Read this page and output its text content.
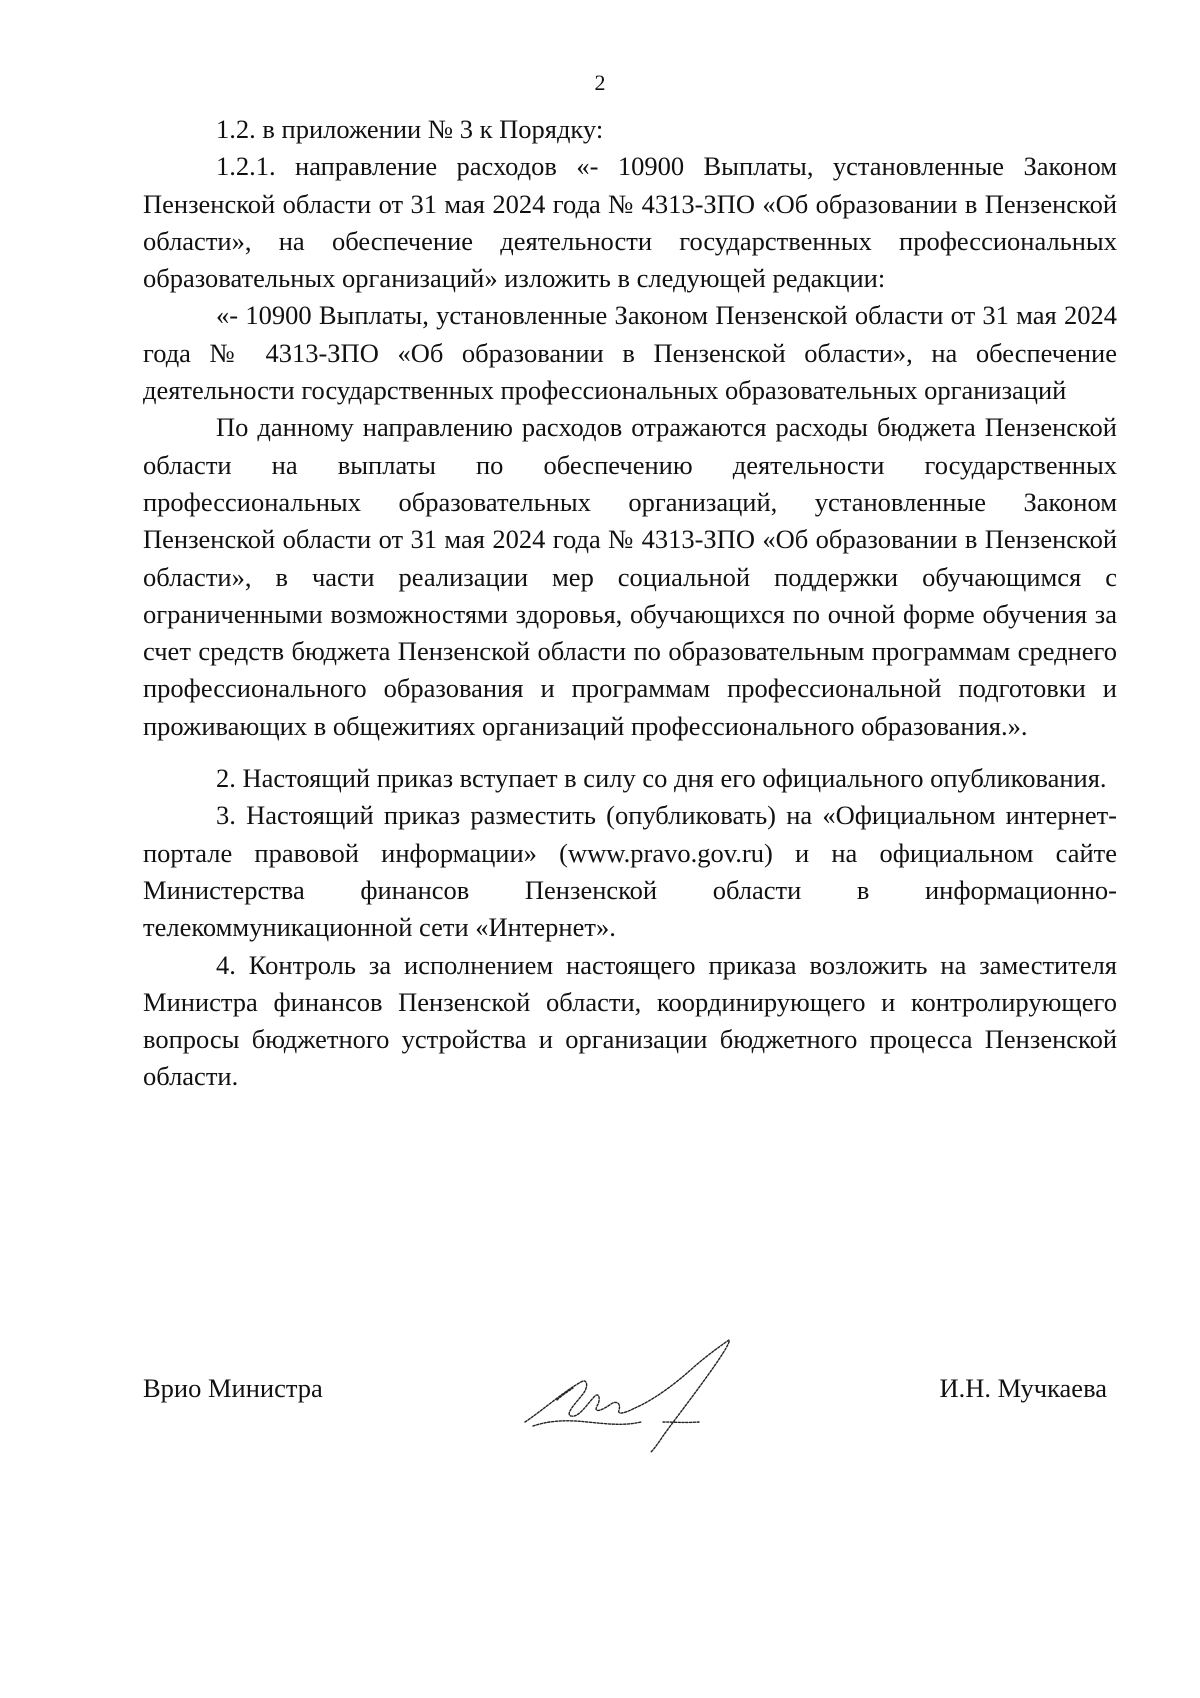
2

1.2. в приложении № 3 к Порядку:

1.2.1. направление расходов «- 10900 Выплаты, установленные Законом Пензенской области от 31 мая 2024 года № 4313-ЗПО «Об образовании в Пензенской области», на обеспечение деятельности государственных профессиональных образовательных организаций» изложить в следующей редакции:

«- 10900 Выплаты, установленные Законом Пензенской области от 31 мая 2024 года № 4313-ЗПО «Об образовании в Пензенской области», на обеспечение деятельности государственных профессиональных образовательных организаций

По данному направлению расходов отражаются расходы бюджета Пензенской области на выплаты по обеспечению деятельности государственных профессиональных образовательных организаций, установленные Законом Пензенской области от 31 мая 2024 года № 4313-ЗПО «Об образовании в Пензенской области», в части реализации мер социальной поддержки обучающимся с ограниченными возможностями здоровья, обучающихся по очной форме обучения за счет средств бюджета Пензенской области по образовательным программам среднего профессионального образования и программам профессиональной подготовки и проживающих в общежитиях организаций профессионального образования.».

2. Настоящий приказ вступает в силу со дня его официального опубликования.

3. Настоящий приказ разместить (опубликовать) на «Официальном интернет-портале правовой информации» (www.pravo.gov.ru) и на официальном сайте Министерства финансов Пензенской области в информационно-телекоммуникационной сети «Интернет».

4. Контроль за исполнением настоящего приказа возложить на заместителя Министра финансов Пензенской области, координирующего и контролирующего вопросы бюджетного устройства и организации бюджетного процесса Пензенской области.

Врио Министра	И.Н. Мучкаева
